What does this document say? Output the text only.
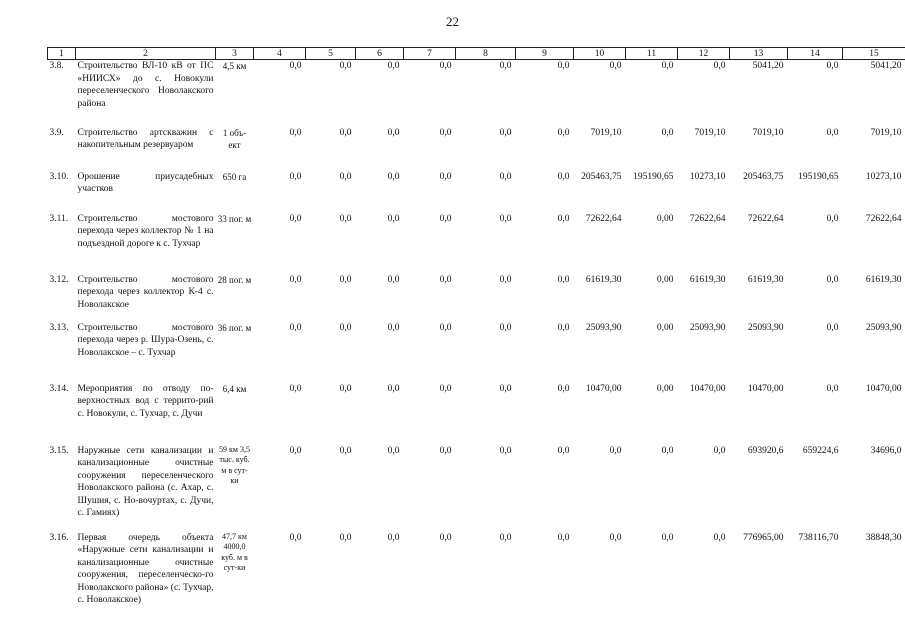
22
1	2	3	4	5	6	7	8	9	10	11	12	13	14	15
3.8.	Строительство ВЛ-10 кВ от ПС «НИИСХ» до с. Новокули переселенческого Новолакского района	4,5 км	0,0	0,0	0,0	0,0	0,0	0,0	0,0	0,0	0,0	5041,20	0,0	5041,20
3.9.	Строительство артскважин с накопительным резервуаром	1 объ-ект	0,0	0,0	0,0	0,0	0,0	0,0	7019,10	0,0	7019,10	7019,10	0,0	7019,10
3.10.	Орошение приусадебных участков	650 га	0,0	0,0	0,0	0,0	0,0	0,0	205463,75	195190,65	10273,10	205463,75	195190,65	10273,10
3.11.	Строительство мостового перехода через коллектор № 1 на подъездной дороге к с. Тухчар	33 пог. м	0,0	0,0	0,0	0,0	0,0	0,0	72622,64	0,00	72622,64	72622,64	0,0	72622,64
3.12.	Строительство мостового перехода через коллектор К-4 с. Новолакское	28 пог. м	0,0	0,0	0,0	0,0	0,0	0,0	61619,30	0,00	61619,30	61619,30	0,0	61619,30
3.13.	Строительство мостового перехода через р. Шура-Озень, с. Новолакское – с. Тухчар	36 пог. м	0,0	0,0	0,0	0,0	0,0	0,0	25093,90	0,00	25093,90	25093,90	0,0	25093,90
3.14.	Мероприятия по отводу по-верхностных вод с террито-рий с. Новокули, с. Тухчар, с. Дучи	6,4 км	0,0	0,0	0,0	0,0	0,0	0,0	10470,00	0,00	10470,00	10470,00	0,0	10470,00
3.15.	Наружные сети канализации и канализационные очистные сооружения переселенческого Новолакского района (с. Ахар, с. Шушия, с. Но-вочуртах, с. Дучи, с. Гамиях)	59 км 3,5 тыс. куб. м в сут-ки	0,0	0,0	0,0	0,0	0,0	0,0	0,0	0,0	0,0	693920,6	659224,6	34696,0
3.16.	Первая очередь объекта «Наружные сети канализации и канализационные очистные сооружения, переселенческо-го Новолакского района» (с. Тухчар, с. Новолакское)	47,7 км 4000,0 куб. м в сут-ки	0,0	0,0	0,0	0,0	0,0	0,0	0,0	0,0	0,0	776965,00	738116,70	38848,30
